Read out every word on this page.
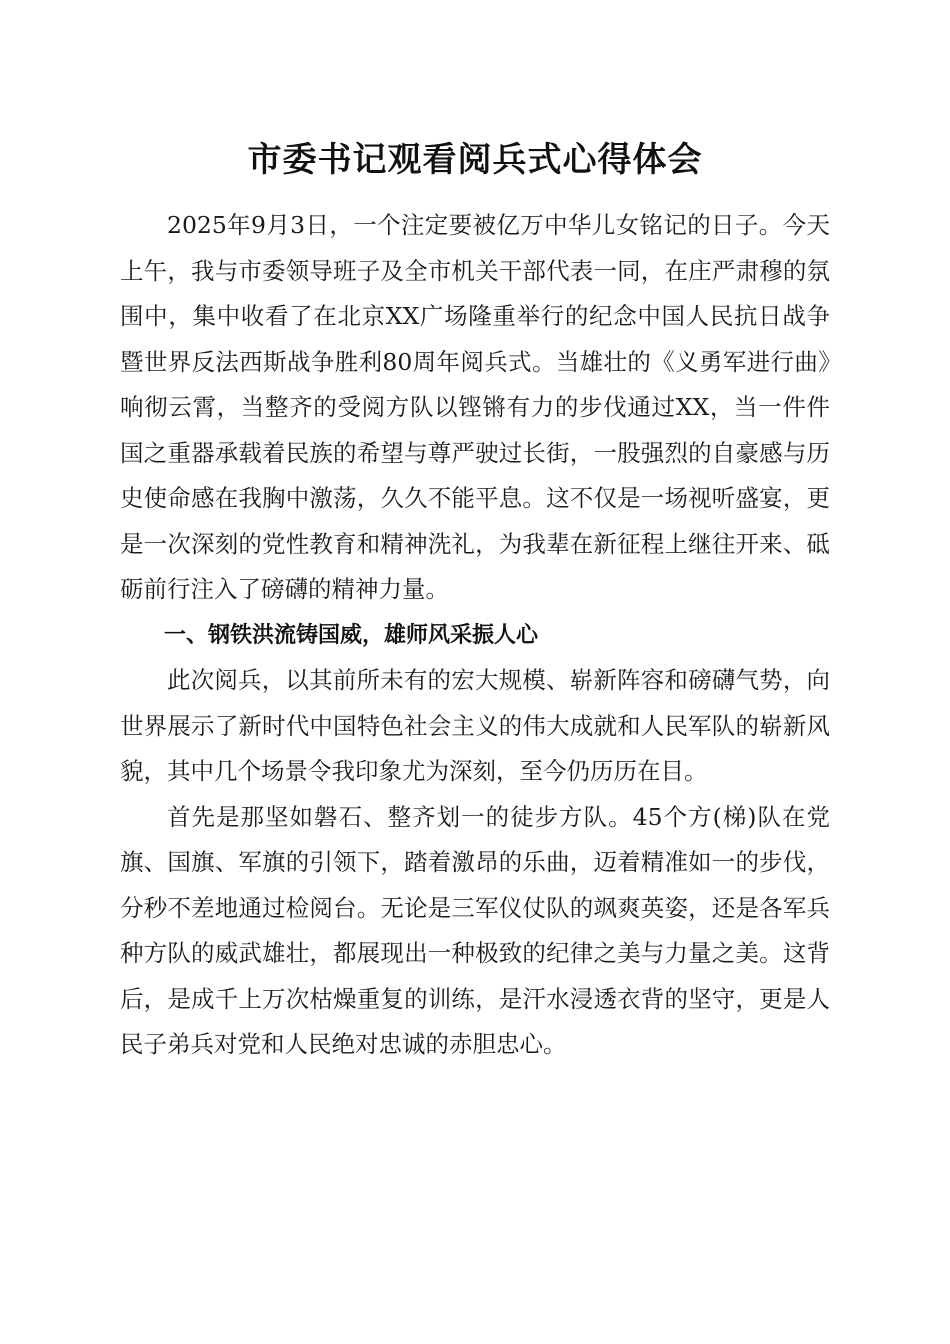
市委书记观看阅兵式心得体会

2025年9月3日，一个注定要被亿万中华儿女铭记的日子。今天上午，我与市委领导班子及全市机关干部代表一同，在庄严肃穆的氛围中，集中收看了在北京XX广场隆重举行的纪念中国人民抗日战争暨世界反法西斯战争胜利80周年阅兵式。当雄壮的《义勇军进行曲》响彻云霄，当整齐的受阅方队以铿锵有力的步伐通过XX，当一件件国之重器承载着民族的希望与尊严驶过长街，一股强烈的自豪感与历史使命感在我胸中激荡，久久不能平息。这不仅是一场视听盛宴，更是一次深刻的党性教育和精神洗礼，为我辈在新征程上继往开来、砥砺前行注入了磅礴的精神力量。

一、钢铁洪流铸国威，雄师风采振人心

此次阅兵，以其前所未有的宏大规模、崭新阵容和磅礴气势，向世界展示了新时代中国特色社会主义的伟大成就和人民军队的崭新风貌，其中几个场景令我印象尤为深刻，至今仍历历在目。

首先是那坚如磐石、整齐划一的徒步方队。45个方(梯)队在党旗、国旗、军旗的引领下，踏着激昂的乐曲，迈着精准如一的步伐，分秒不差地通过检阅台。无论是三军仪仗队的飒爽英姿，还是各军兵种方队的威武雄壮，都展现出一种极致的纪律之美与力量之美。这背后，是成千上万次枯燥重复的训练，是汗水浸透衣背的坚守，更是人民子弟兵对党和人民绝对忠诚的赤胆忠心。
